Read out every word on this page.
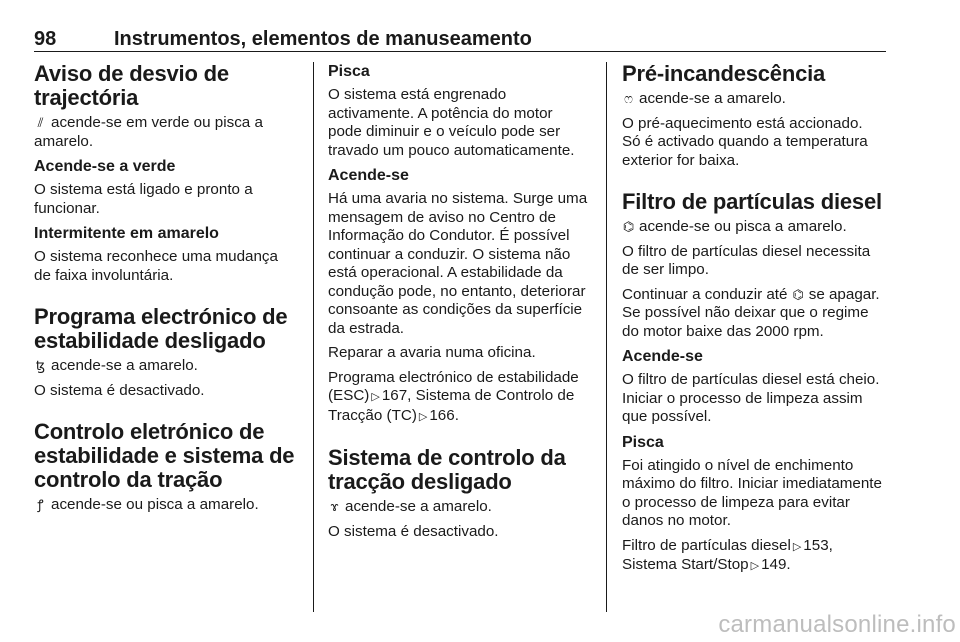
98	Instrumentos, elementos de manuseamento
Aviso de desvio de trajectória

⫽ acende-se em verde ou pisca a amarelo.

Acende-se a verde

O sistema está ligado e pronto a funcionar.

Intermitente em amarelo

O sistema reconhece uma mudança de faixa involuntária.

Programa electrónico de estabilidade desligado

ꜩ acende-se a amarelo.

O sistema é desactivado.

Controlo eletrónico de estabilidade e sistema de controlo da tração

ꝭ acende-se ou pisca a amarelo.

Pisca

O sistema está engrenado activamente. A potência do motor pode diminuir e o veículo pode ser travado um pouco automaticamente.

Acende-se

Há uma avaria no sistema. Surge uma mensagem de aviso no Centro de Informação do Condutor. É possível continuar a conduzir. O sistema não está operacional. A estabilidade da condução pode, no entanto, deteriorar consoante as condições da superfície da estrada.

Reparar a avaria numa oficina.

Programa electrónico de estabilidade (ESC) ▷ 167, Sistema de Controlo de Tracção (TC) ▷ 166.

Sistema de controlo da tracção desligado

ɤ acende-se a amarelo.

O sistema é desactivado.

Pré-incandescência

ෆ acende-se a amarelo.

O pré-aquecimento está accionado. Só é activado quando a temperatura exterior for baixa.

Filtro de partículas diesel

⌬ acende-se ou pisca a amarelo.

O filtro de partículas diesel necessita de ser limpo.

Continuar a conduzir até ⌬ se apagar. Se possível não deixar que o regime do motor baixe das 2000 rpm.

Acende-se

O filtro de partículas diesel está cheio. Iniciar o processo de limpeza assim que possível.

Pisca

Foi atingido o nível de enchimento máximo do filtro. Iniciar imediatamente o processo de limpeza para evitar danos no motor.

Filtro de partículas diesel ▷ 153, Sistema Start/Stop ▷ 149.

carmanualsonline.info
